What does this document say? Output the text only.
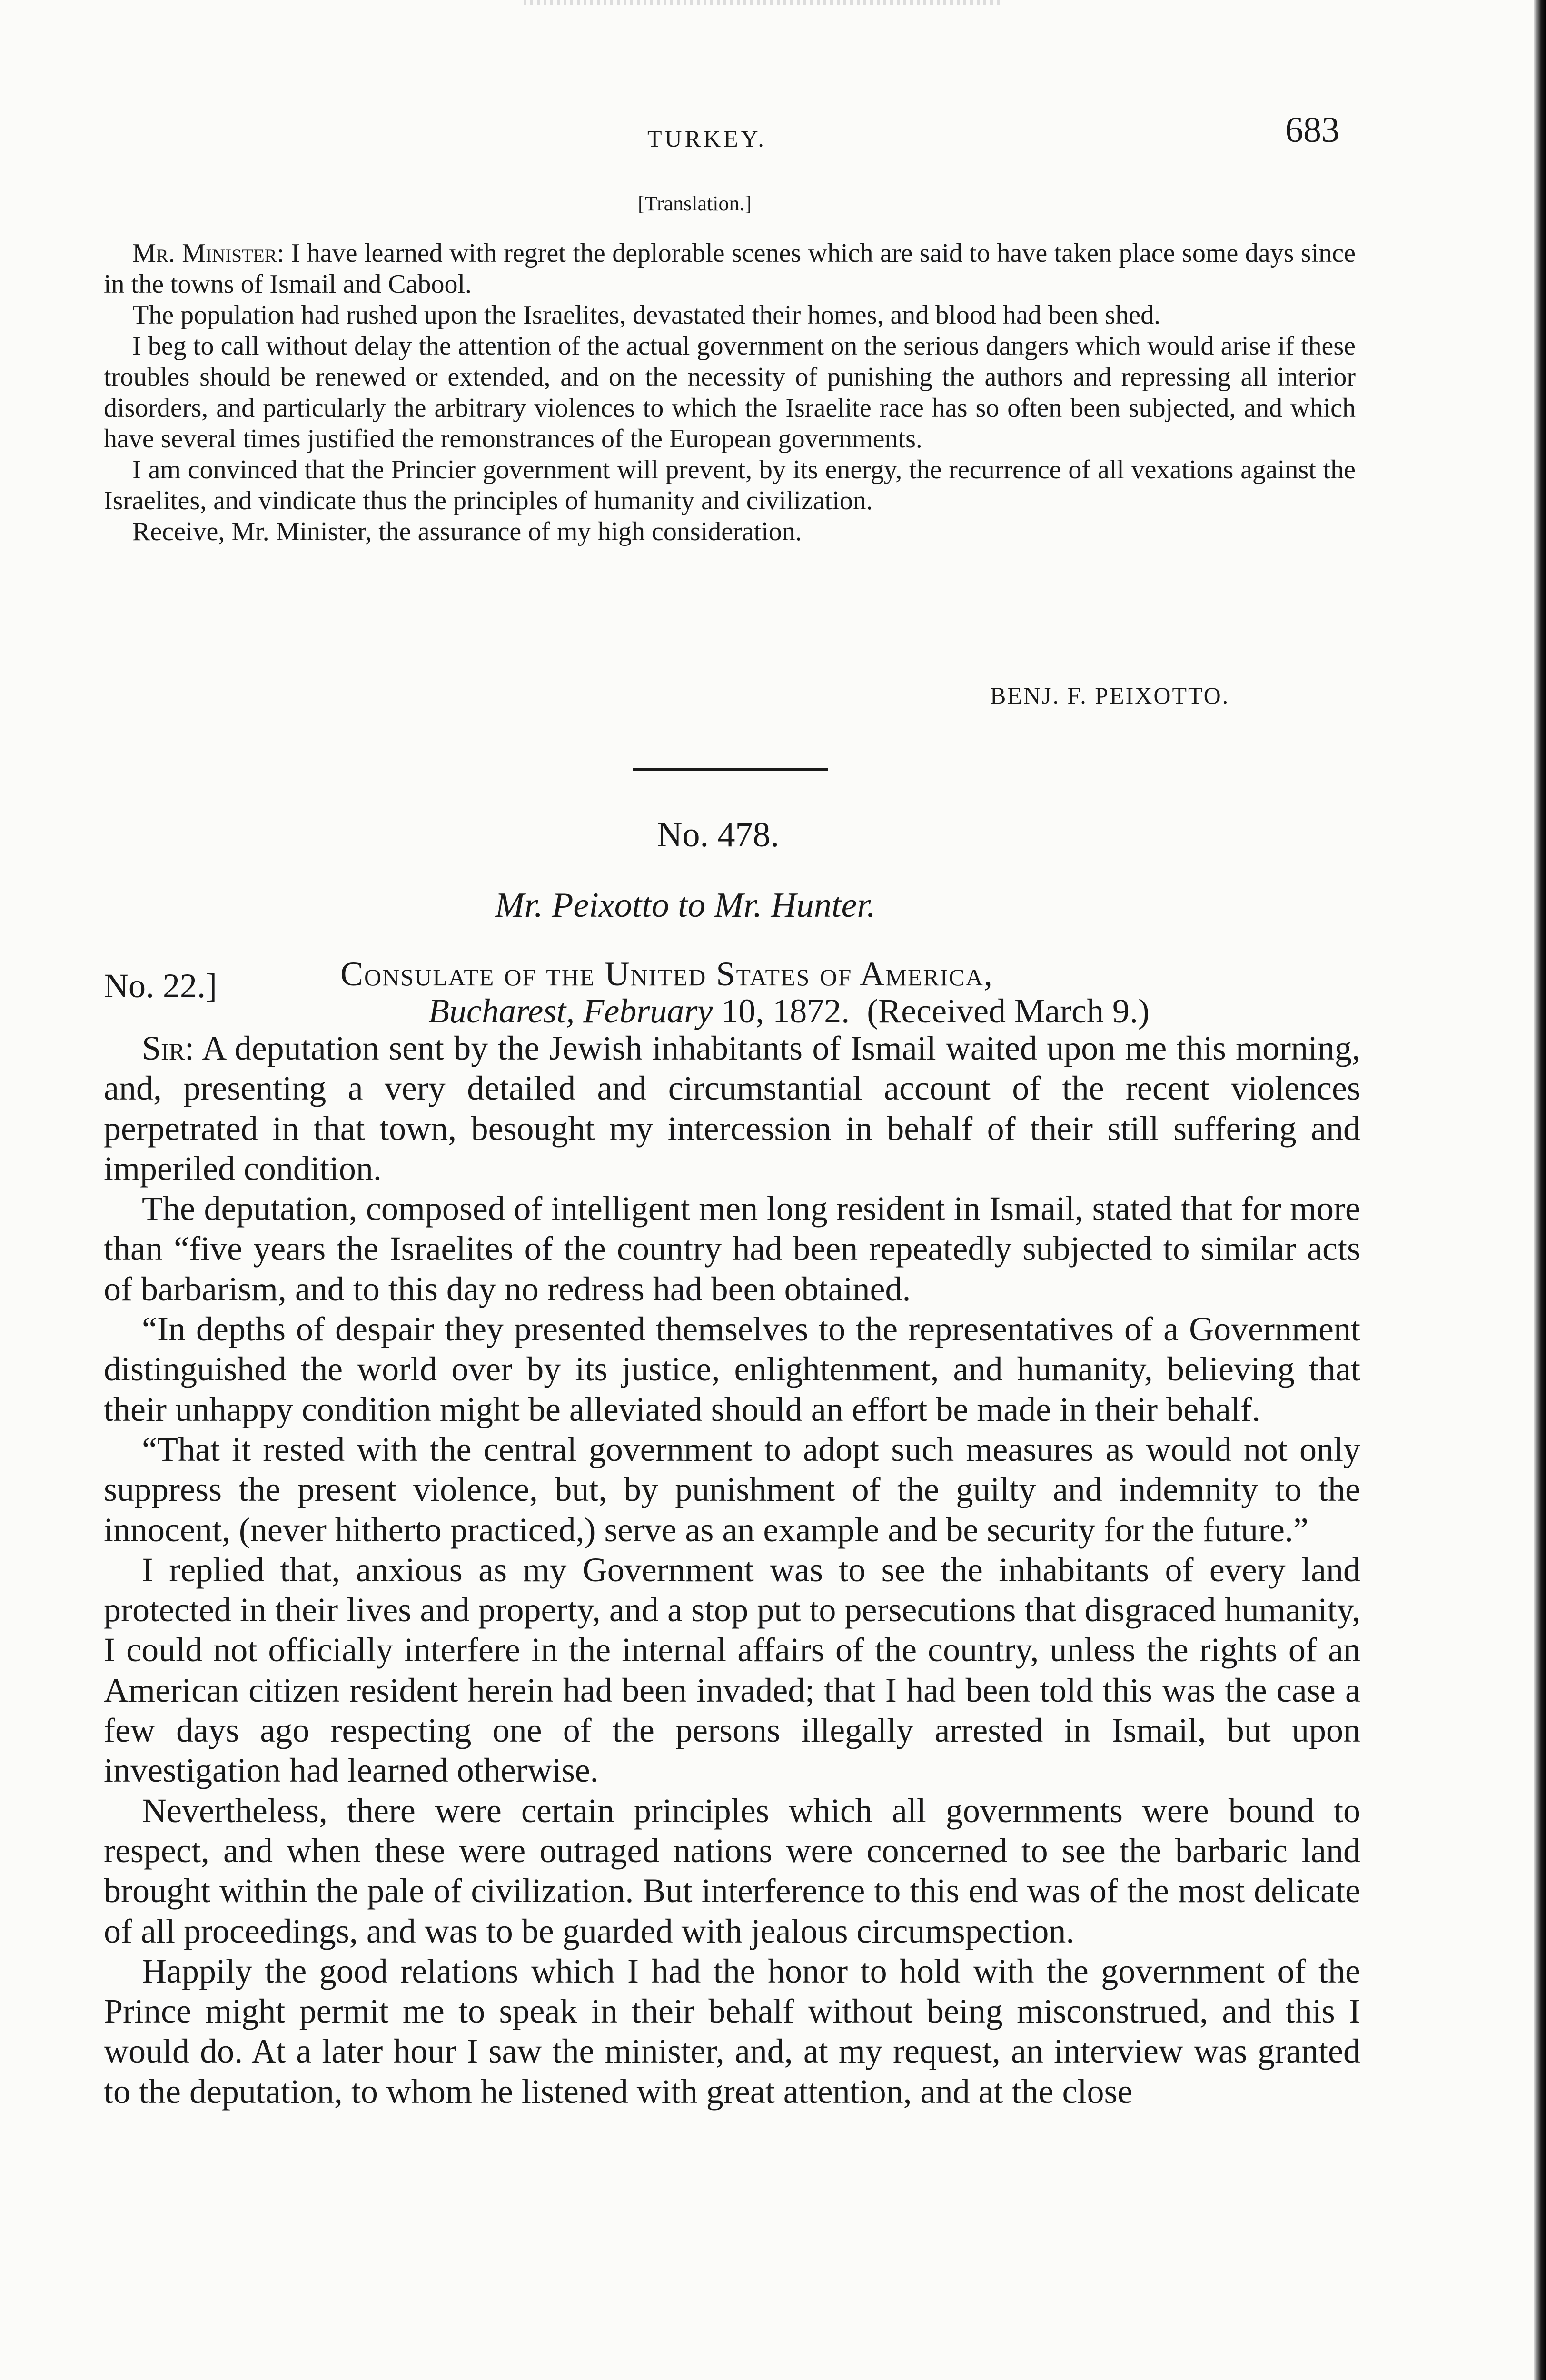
TURKEY.	683
[Translation.]

Mr. Minister: I have learned with regret the deplorable scenes which are said to have taken place some days since in the towns of Ismail and Cabool.

The population had rushed upon the Israelites, devastated their homes, and blood had been shed.

I beg to call without delay the attention of the actual government on the serious dangers which would arise if these troubles should be renewed or extended, and on the necessity of punishing the authors and repressing all interior disorders, and particularly the arbitrary violences to which the Israelite race has so often been subjected, and which have several times justified the remonstrances of the European governments.

I am convinced that the Princier government will prevent, by its energy, the recurrence of all vexations against the Israelites, and vindicate thus the principles of humanity and civilization.

Receive, Mr. Minister, the assurance of my high consideration.

BENJ. F. PEIXOTTO.
No. 478.
Mr. Peixotto to Mr. Hunter.
No. 22.]	Consulate of the United States of America,
Bucharest, February 10, 1872. (Received March 9.)

Sir: A deputation sent by the Jewish inhabitants of Ismail waited upon me this morning, and, presenting a very detailed and circumstantial account of the recent violences perpetrated in that town, besought my intercession in behalf of their still suffering and imperiled condition.

The deputation, composed of intelligent men long resident in Ismail, stated that for more than “five years the Israelites of the country had been repeatedly subjected to similar acts of barbarism, and to this day no redress had been obtained.

“In depths of despair they presented themselves to the representatives of a Government distinguished the world over by its justice, enlightenment, and humanity, believing that their unhappy condition might be alleviated should an effort be made in their behalf.

“That it rested with the central government to adopt such measures as would not only suppress the present violence, but, by punishment of the guilty and indemnity to the innocent, (never hitherto practiced,) serve as an example and be security for the future.”

I replied that, anxious as my Government was to see the inhabitants of every land protected in their lives and property, and a stop put to persecutions that disgraced humanity, I could not officially interfere in the internal affairs of the country, unless the rights of an American citizen resident herein had been invaded; that I had been told this was the case a few days ago respecting one of the persons illegally arrested in Ismail, but upon investigation had learned otherwise.

Nevertheless, there were certain principles which all governments were bound to respect, and when these were outraged nations were concerned to see the barbaric land brought within the pale of civilization. But interference to this end was of the most delicate of all proceedings, and was to be guarded with jealous circumspection.

Happily the good relations which I had the honor to hold with the government of the Prince might permit me to speak in their behalf without being misconstrued, and this I would do. At a later hour I saw the minister, and, at my request, an interview was granted to the deputation, to whom he listened with great attention, and at the close
